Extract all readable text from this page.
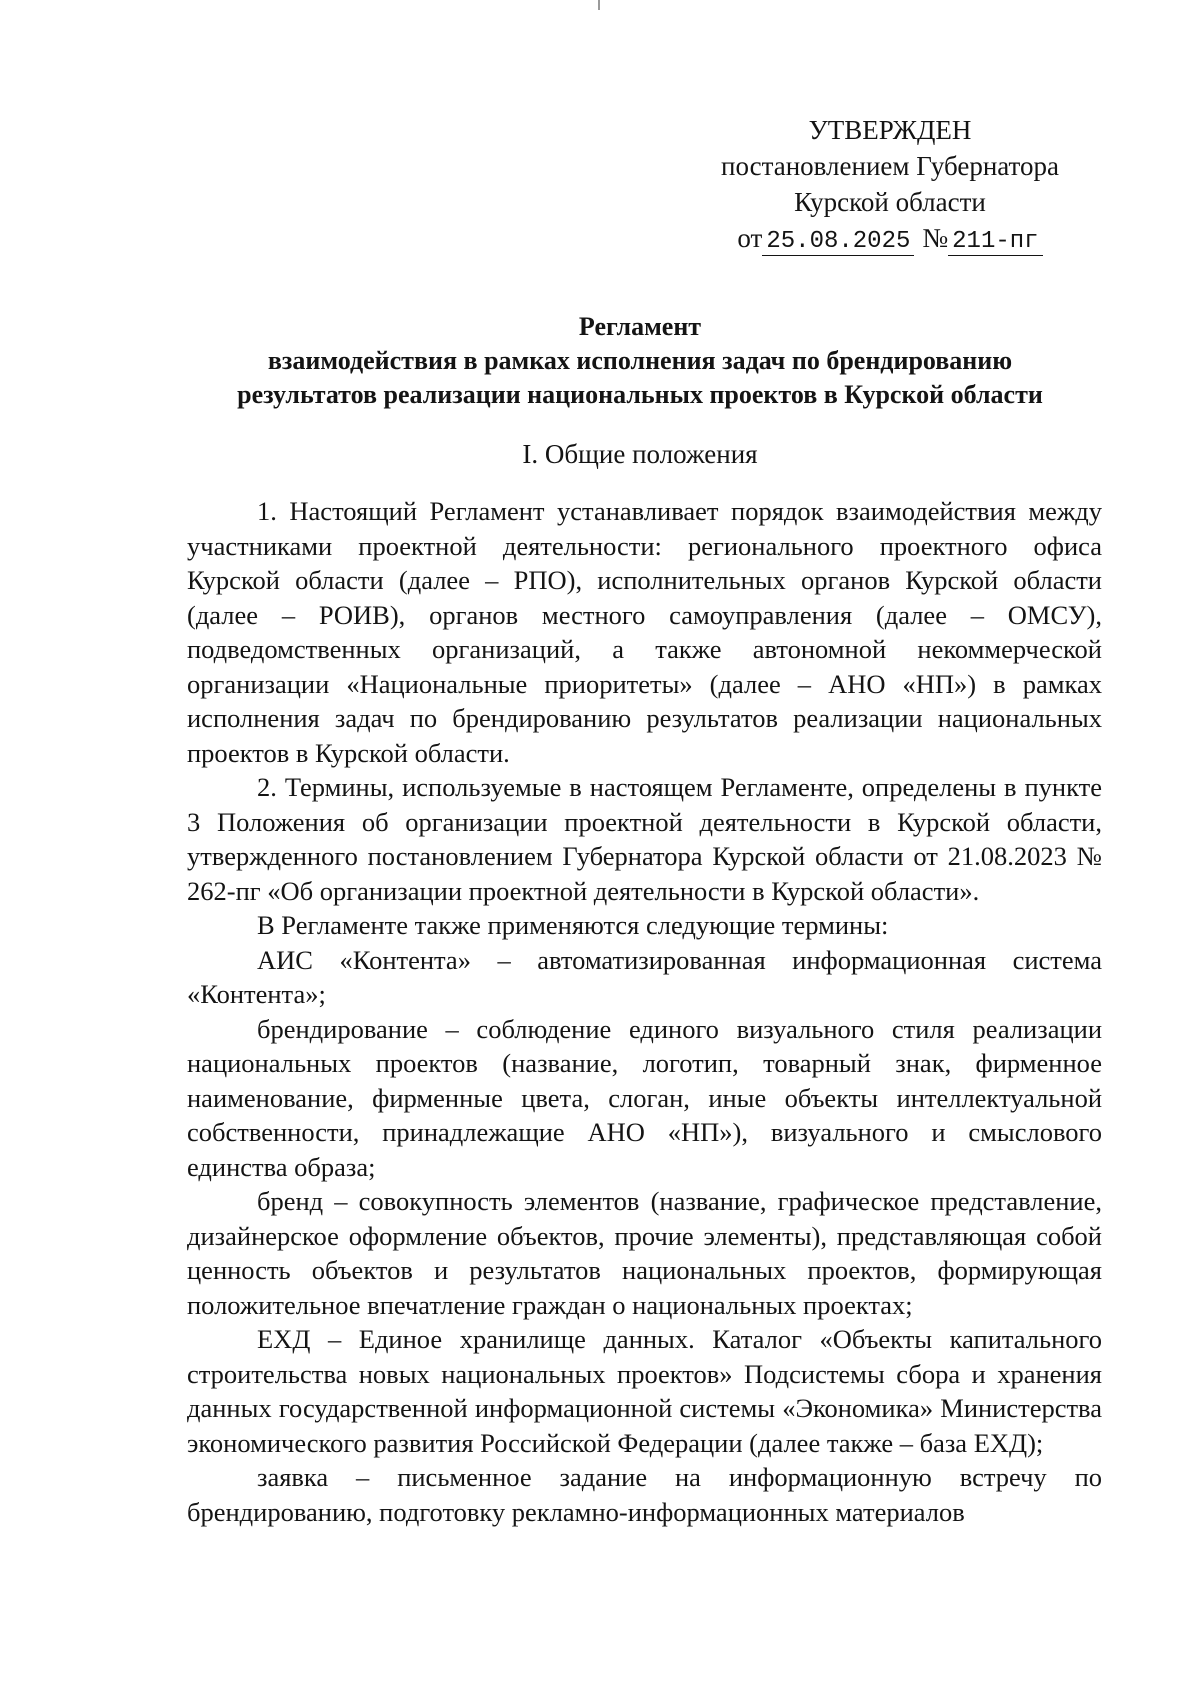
УТВЕРЖДЕН
постановлением Губернатора
Курской области
от 25.08.2025 № 211-пг
Регламент
взаимодействия в рамках исполнения задач по брендированию
результатов реализации национальных проектов в Курской области
I. Общие положения

1. Настоящий Регламент устанавливает порядок взаимодействия между участниками проектной деятельности: регионального проектного офиса Курской области (далее – РПО), исполнительных органов Курской области (далее – РОИВ), органов местного самоуправления (далее – ОМСУ), подведомственных организаций, а также автономной некоммерческой организации «Национальные приоритеты» (далее – АНО «НП») в рамках исполнения задач по брендированию результатов реализации национальных проектов в Курской области.

2. Термины, используемые в настоящем Регламенте, определены в пункте 3 Положения об организации проектной деятельности в Курской области, утвержденного постановлением Губернатора Курской области от 21.08.2023 № 262-пг «Об организации проектной деятельности в Курской области».

В Регламенте также применяются следующие термины:

АИС «Контента» – автоматизированная информационная система «Контента»;

брендирование – соблюдение единого визуального стиля реализации национальных проектов (название, логотип, товарный знак, фирменное наименование, фирменные цвета, слоган, иные объекты интеллектуальной собственности, принадлежащие АНО «НП»), визуального и смыслового единства образа;

бренд – совокупность элементов (название, графическое представление, дизайнерское оформление объектов, прочие элементы), представляющая собой ценность объектов и результатов национальных проектов, формирующая положительное впечатление граждан о национальных проектах;

ЕХД – Единое хранилище данных. Каталог «Объекты капитального строительства новых национальных проектов» Подсистемы сбора и хранения данных государственной информационной системы «Экономика» Министерства экономического развития Российской Федерации (далее также – база ЕХД);

заявка – письменное задание на информационную встречу по брендированию, подготовку рекламно-информационных материалов
